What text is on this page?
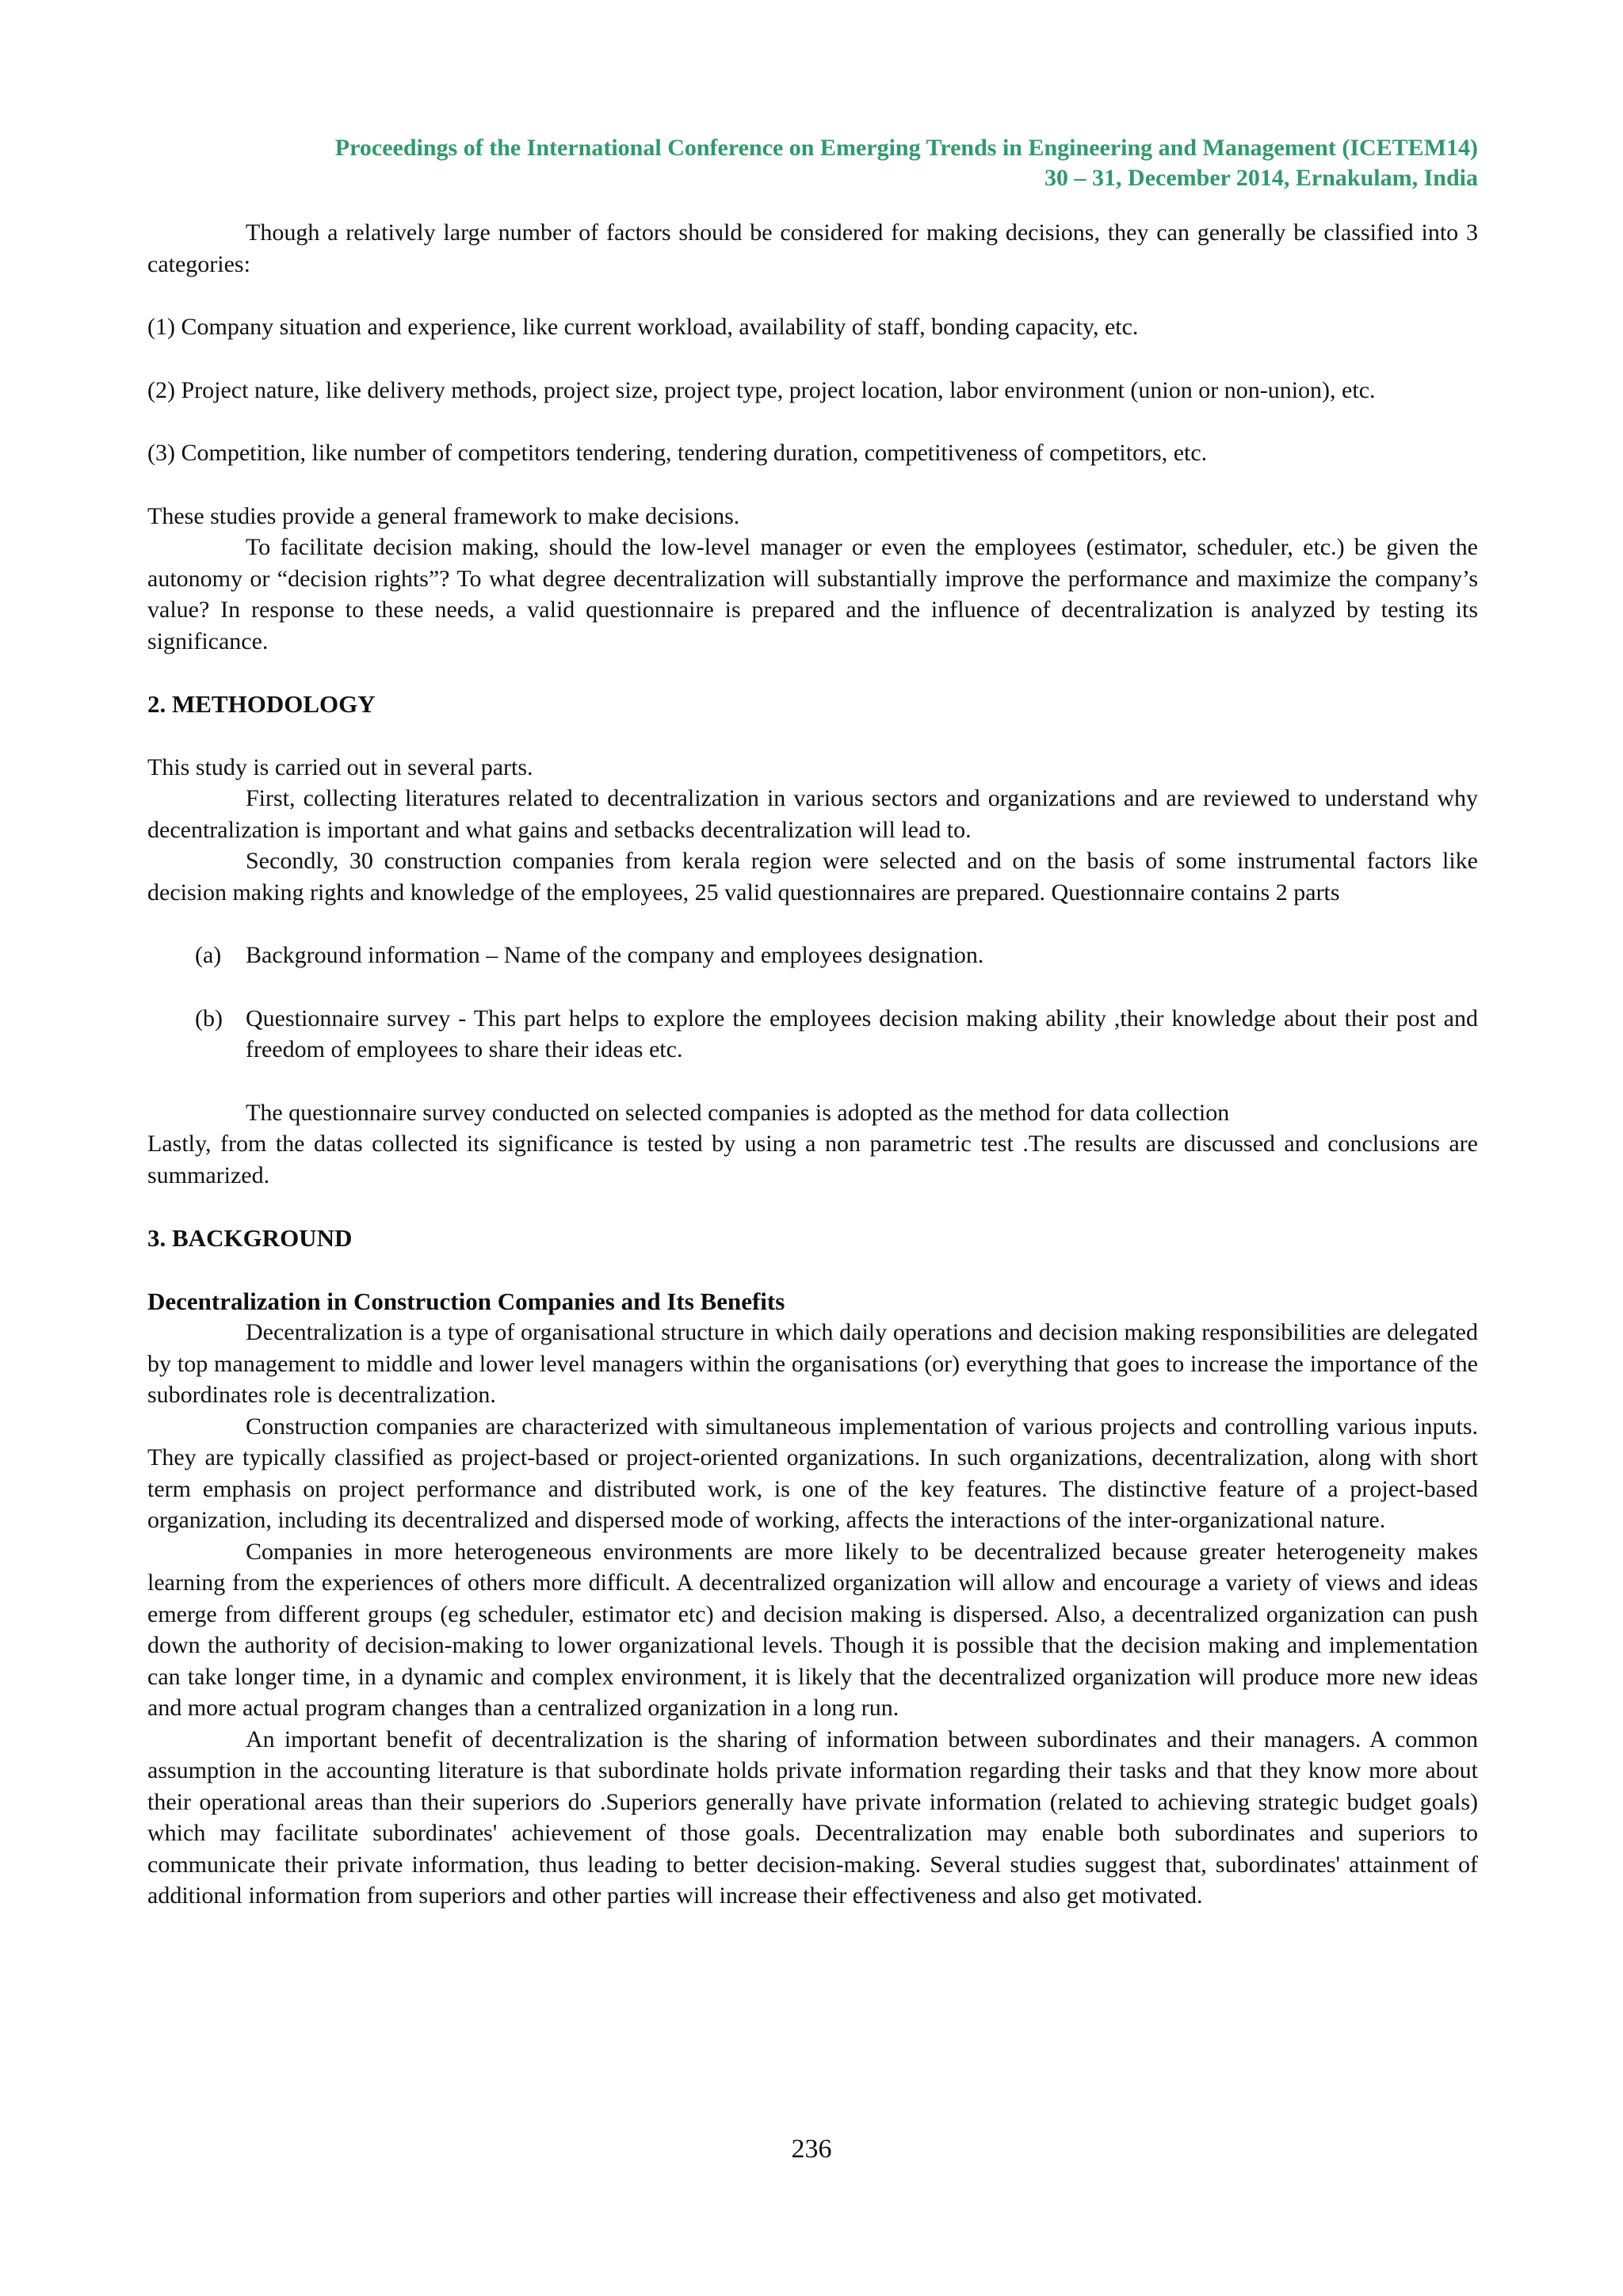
Proceedings of the International Conference on Emerging Trends in Engineering and Management (ICETEM14)
30 – 31, December 2014, Ernakulam, India

Though a relatively large number of factors should be considered for making decisions, they can generally be classified into 3 categories:

(1) Company situation and experience, like current workload, availability of staff, bonding capacity, etc.

(2) Project nature, like delivery methods, project size, project type, project location, labor environment (union or non-union), etc.

(3) Competition, like number of competitors tendering, tendering duration, competitiveness of competitors, etc.

These studies provide a general framework to make decisions.

To facilitate decision making, should the low-level manager or even the employees (estimator, scheduler, etc.) be given the autonomy or “decision rights”? To what degree decentralization will substantially improve the performance and maximize the company’s value? In response to these needs, a valid questionnaire is prepared and the influence of decentralization is analyzed by testing its significance.

2. METHODOLOGY

This study is carried out in several parts.

First, collecting literatures related to decentralization in various sectors and organizations and are reviewed to understand why decentralization is important and what gains and setbacks decentralization will lead to.

Secondly, 30 construction companies from kerala region were selected and on the basis of some instrumental factors like decision making rights and knowledge of the employees, 25 valid questionnaires are prepared. Questionnaire contains 2 parts

(a)	Background information – Name of the company and employees designation.
(b) Questionnaire survey - This part helps to explore the employees decision making ability ,their knowledge about their post and freedom of employees to share their ideas etc.

The questionnaire survey conducted on selected companies is adopted as the method for data collection

Lastly, from the datas collected its significance is tested by using a non parametric test .The results are discussed and conclusions are summarized.

3. BACKGROUND
Decentralization in Construction Companies and Its Benefits

Decentralization is a type of organisational structure in which daily operations and decision making responsibilities are delegated by top management to middle and lower level managers within the organisations (or) everything that goes to increase the importance of the subordinates role is decentralization.

Construction companies are characterized with simultaneous implementation of various projects and controlling various inputs. They are typically classified as project-based or project-oriented organizations. In such organizations, decentralization, along with short term emphasis on project performance and distributed work, is one of the key features. The distinctive feature of a project-based organization, including its decentralized and dispersed mode of working, affects the interactions of the inter-organizational nature.

Companies in more heterogeneous environments are more likely to be decentralized because greater heterogeneity makes learning from the experiences of others more difficult. A decentralized organization will allow and encourage a variety of views and ideas emerge from different groups (eg scheduler, estimator etc) and decision making is dispersed. Also, a decentralized organization can push down the authority of decision-making to lower organizational levels. Though it is possible that the decision making and implementation can take longer time, in a dynamic and complex environment, it is likely that the decentralized organization will produce more new ideas and more actual program changes than a centralized organization in a long run.

An important benefit of decentralization is the sharing of information between subordinates and their managers. A common assumption in the accounting literature is that subordinate holds private information regarding their tasks and that they know more about their operational areas than their superiors do .Superiors generally have private information (related to achieving strategic budget goals) which may facilitate subordinates' achievement of those goals. Decentralization may enable both subordinates and superiors to communicate their private information, thus leading to better decision-making. Several studies suggest that, subordinates' attainment of additional information from superiors and other parties will increase their effectiveness and also get motivated.

236
